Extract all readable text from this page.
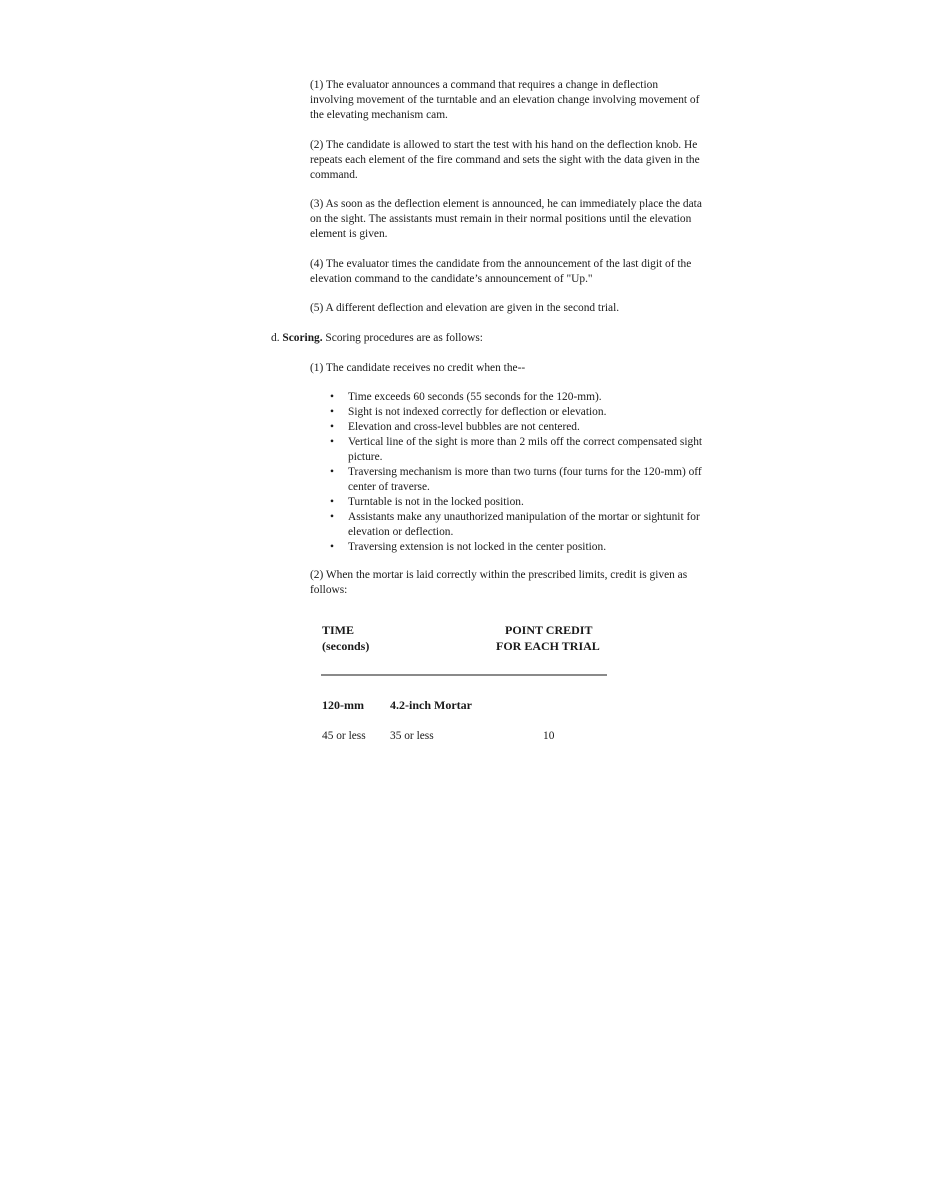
(1) The evaluator announces a command that requires a change in deflection involving movement of the turntable and an elevation change involving movement of the elevating mechanism cam.

(2) The candidate is allowed to start the test with his hand on the deflection knob. He repeats each element of the fire command and sets the sight with the data given in the command.

(3) As soon as the deflection element is announced, he can immediately place the data on the sight. The assistants must remain in their normal positions until the elevation element is given.

(4) The evaluator times the candidate from the announcement of the last digit of the elevation command to the candidate’s announcement of "Up."

(5) A different deflection and elevation are given in the second trial.

d. Scoring. Scoring procedures are as follows:

(1) The candidate receives no credit when the--

• Time exceeds 60 seconds (55 seconds for the 120-mm).
• Sight is not indexed correctly for deflection or elevation.
• Elevation and cross-level bubbles are not centered.
• Vertical line of the sight is more than 2 mils off the correct compensated sight picture.
• Traversing mechanism is more than two turns (four turns for the 120-mm) off center of traverse.
• Turntable is not in the locked position.
• Assistants make any unauthorized manipulation of the mortar or sightunit for elevation or deflection.
• Traversing extension is not locked in the center position.

(2) When the mortar is laid correctly within the prescribed limits, credit is given as follows:

TIME
(seconds)
POINT CREDIT
FOR EACH TRIAL
120-mm 4.2-inch Mortar
45 or less 35 or less	10
